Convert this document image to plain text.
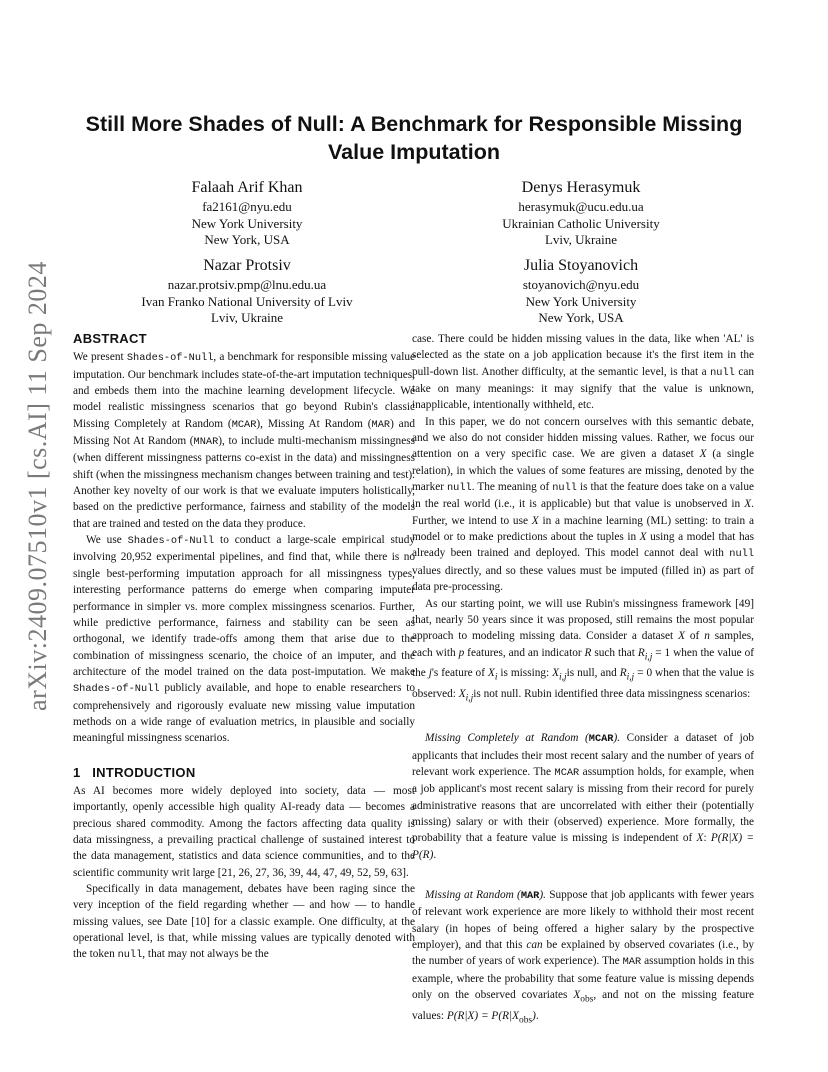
arXiv:2409.07510v1 [cs.AI] 11 Sep 2024
Still More Shades of Null: A Benchmark for Responsible Missing
Value Imputation
Falaah Arif Khan
fa2161@nyu.edu
New York University
New York, USA
Denys Herasymuk
herasymuk@ucu.edu.ua
Ukrainian Catholic University
Lviv, Ukraine
Nazar Protsiv
nazar.protsiv.pmp@lnu.edu.ua
Ivan Franko National University of Lviv
Lviv, Ukraine
Julia Stoyanovich
stoyanovich@nyu.edu
New York University
New York, USA
ABSTRACT

We present Shades-of-Null, a benchmark for responsible missing value imputation. Our benchmark includes state-of-the-art imputation techniques, and embeds them into the machine learning development lifecycle. We model realistic missingness scenarios that go beyond Rubin's classic Missing Completely at Random (MCAR), Missing At Random (MAR) and Missing Not At Random (MNAR), to include multi-mechanism missingness (when different missingness patterns co-exist in the data) and missingness shift (when the missingness mechanism changes between training and test). Another key novelty of our work is that we evaluate imputers holistically, based on the predictive performance, fairness and stability of the models that are trained and tested on the data they produce.

We use Shades-of-Null to conduct a large-scale empirical study involving 20,952 experimental pipelines, and find that, while there is no single best-performing imputation approach for all missingness types, interesting performance patterns do emerge when comparing imputer performance in simpler vs. more complex missingness scenarios. Further, while predictive performance, fairness and stability can be seen as orthogonal, we identify trade-offs among them that arise due to the combination of missingness scenario, the choice of an imputer, and the architecture of the model trained on the data post-imputation. We make Shades-of-Null publicly available, and hope to enable researchers to comprehensively and rigorously evaluate new missing value imputation methods on a wide range of evaluation metrics, in plausible and socially meaningful missingness scenarios.

1   INTRODUCTION

As AI becomes more widely deployed into society, data — most importantly, openly accessible high quality AI-ready data — becomes a precious shared commodity. Among the factors affecting data quality is data missingness, a prevailing practical challenge of sustained interest to the data management, statistics and data science communities, and to the scientific community writ large [21, 26, 27, 36, 39, 44, 47, 49, 52, 59, 63].

Specifically in data management, debates have been raging since the very inception of the field regarding whether — and how — to handle missing values, see Date [10] for a classic example. One difficulty, at the operational level, is that, while missing values are typically denoted with the token null, that may not always be the

case. There could be hidden missing values in the data, like when 'AL' is selected as the state on a job application because it's the first item in the pull-down list. Another difficulty, at the semantic level, is that a null can take on many meanings: it may signify that the value is unknown, inapplicable, intentionally withheld, etc.

In this paper, we do not concern ourselves with this semantic debate, and we also do not consider hidden missing values. Rather, we focus our attention on a very specific case. We are given a dataset X (a single relation), in which the values of some features are missing, denoted by the marker null. The meaning of null is that the feature does take on a value in the real world (i.e., it is applicable) but that value is unobserved in X. Further, we intend to use X in a machine learning (ML) setting: to train a model or to make predictions about the tuples in X using a model that has already been trained and deployed. This model cannot deal with null values directly, and so these values must be imputed (filled in) as part of data pre-processing.

As our starting point, we will use Rubin's missingness framework [49] that, nearly 50 years since it was proposed, still remains the most popular approach to modeling missing data. Consider a dataset X of n samples, each with p features, and an indicator R such that $R_{i,j} = 1$ when the value of the j's feature of $X_i$ is missing: $X_{i,j}is$ null, and $R_{i,j} = 0$ when that the value is observed: $X_{i,j}is$ not null. Rubin identified three data missingness scenarios:

Missing Completely at Random (MCAR). Consider a dataset of job applicants that includes their most recent salary and the number of years of relevant work experience. The MCAR assumption holds, for example, when a job applicant's most recent salary is missing from their record for purely administrative reasons that are uncorrelated with either their (potentially missing) salary or with their (observed) experience. More formally, the probability that a feature value is missing is independent of X: P(R|X) = P(R).

Missing at Random (MAR). Suppose that job applicants with fewer years of relevant work experience are more likely to withhold their most recent salary (in hopes of being offered a higher salary by the prospective employer), and that this can be explained by observed covariates (i.e., by the number of years of work experience). The MAR assumption holds in this example, where the probability that some feature value is missing depends only on the observed covariates $X_{obs}$, and not on the missing feature values: $P(R|X) = P(R|X_{obs})$.
